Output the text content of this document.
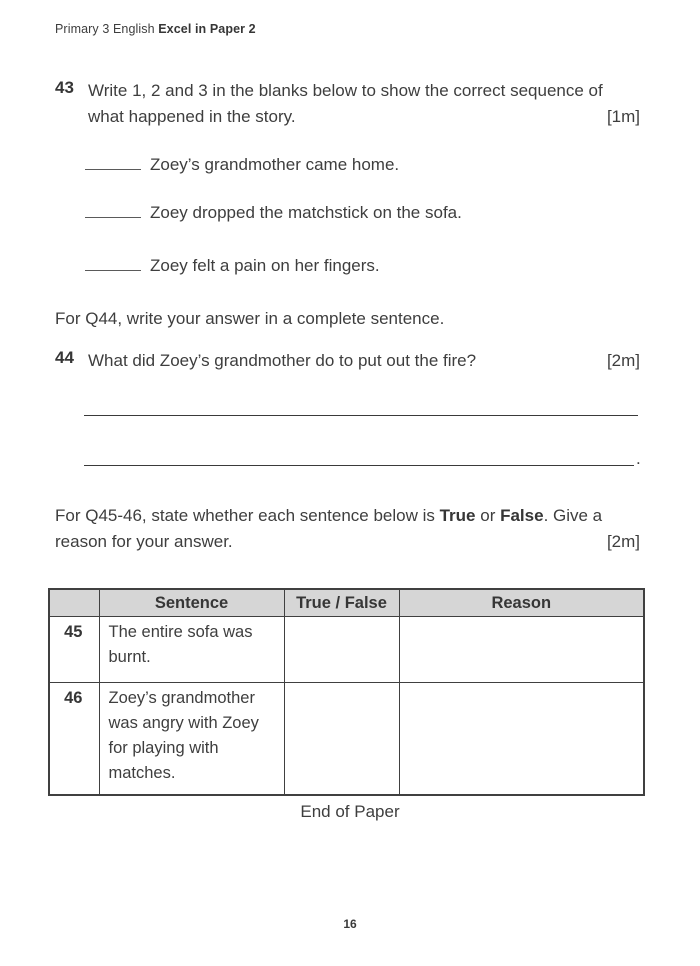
Primary 3 English Excel in Paper 2
43 Write 1, 2 and 3 in the blanks below to show the correct sequence of what happened in the story.	[1m]
Zoey’s grandmother came home.
Zoey dropped the matchstick on the sofa.
Zoey felt a pain on her fingers.

For Q44, write your answer in a complete sentence.

44 What did Zoey’s grandmother do to put out the fire?	[2m]
.

For Q45-46, state whether each sentence below is True or False. Give a reason for your answer.	[2m]

	Sentence	True / False	Reason
45	The entire sofa was burnt.		
46	Zoey’s grandmother was angry with Zoey for playing with matches.		
End of Paper
16
